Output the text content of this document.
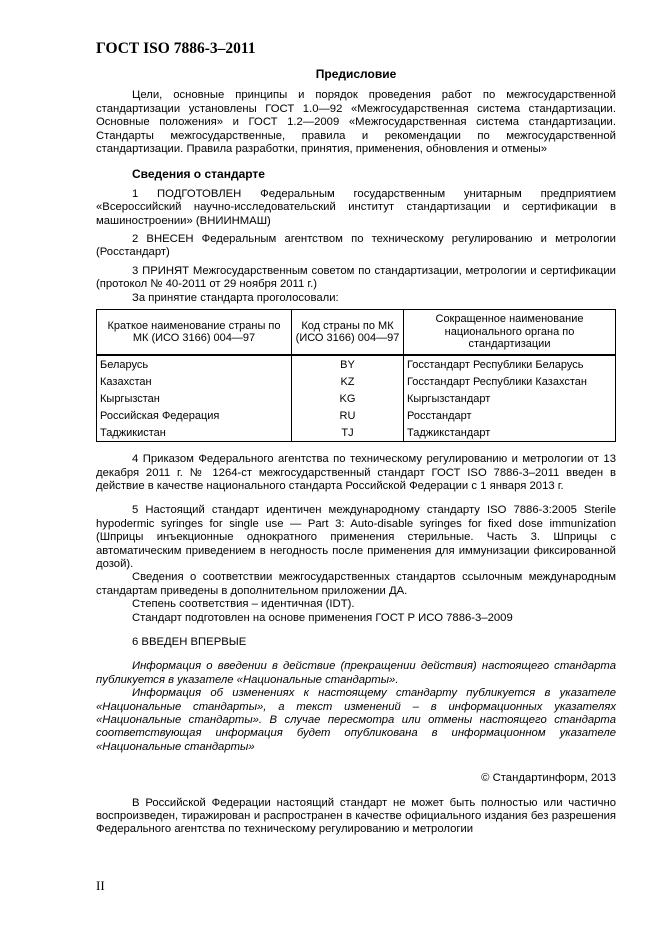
ГОСТ ISO 7886-3–2011

Предисловие

Цели, основные принципы и порядок проведения работ по межгосударственной стандартизации установлены ГОСТ 1.0—92 «Межгосударственная система стандартизации. Основные положения» и ГОСТ 1.2—2009 «Межгосударственная система стандартизации. Стандарты межгосударственные, правила и рекомендации по межгосударственной стандартизации. Правила разработки, принятия, применения, обновления и отмены»

Сведения о стандарте

1 ПОДГОТОВЛЕН Федеральным государственным унитарным предприятием «Всероссийский научно-исследовательский институт стандартизации и сертификации в машиностроении» (ВНИИНМАШ)

2 ВНЕСЕН Федеральным агентством по техническому регулированию и метрологии (Росстандарт)

3 ПРИНЯТ Межгосударственным советом по стандартизации, метрологии и сертификации (протокол № 40-2011 от 29 ноября 2011 г.)

За принятие стандарта проголосовали:

Краткое наименование страны по МК (ИСО 3166) 004—97	Код страны по МК (ИСО 3166) 004—97	Сокращенное наименование национального органа по стандартизации
Беларусь	BY	Госстандарт Республики Беларусь
Казахстан	KZ	Госстандарт Республики Казахстан
Кыргызстан	KG	Кыргызстандарт
Российская Федерация	RU	Росстандарт
Таджикистан	TJ	Таджикстандарт

4 Приказом Федерального агентства по техническому регулированию и метрологии от 13 декабря 2011 г. № 1264-ст межгосударственный стандарт ГОСТ ISO 7886-3–2011 введен в действие в качестве национального стандарта Российской Федерации с 1 января 2013 г.

5 Настоящий стандарт идентичен международному стандарту ISO 7886-3:2005 Sterile hypodermic syringes for single use — Part 3: Auto-disable syringes for fixed dose immunization (Шприцы инъекционные однократного применения стерильные. Часть 3. Шприцы с автоматическим приведением в негодность после применения для иммунизации фиксированной дозой).

Сведения о соответствии межгосударственных стандартов ссылочным международным стандартам приведены в дополнительном приложении ДА.

Степень соответствия – идентичная (IDT).

Стандарт подготовлен на основе применения ГОСТ Р ИСО 7886-3–2009

6 ВВЕДЕН ВПЕРВЫЕ

Информация о введении в действие (прекращении действия) настоящего стандарта публикуется в указателе «Национальные стандарты».

Информация об изменениях к настоящему стандарту публикуется в указателе «Национальные стандарты», а текст изменений – в информационных указателях «Национальные стандарты». В случае пересмотра или отмены настоящего стандарта соответствующая информация будет опубликована в информационном указателе «Национальные стандарты»

© Стандартинформ, 2013

В Российской Федерации настоящий стандарт не может быть полностью или частично воспроизведен, тиражирован и распространен в качестве официального издания без разрешения Федерального агентства по техническому регулированию и метрологии

II
